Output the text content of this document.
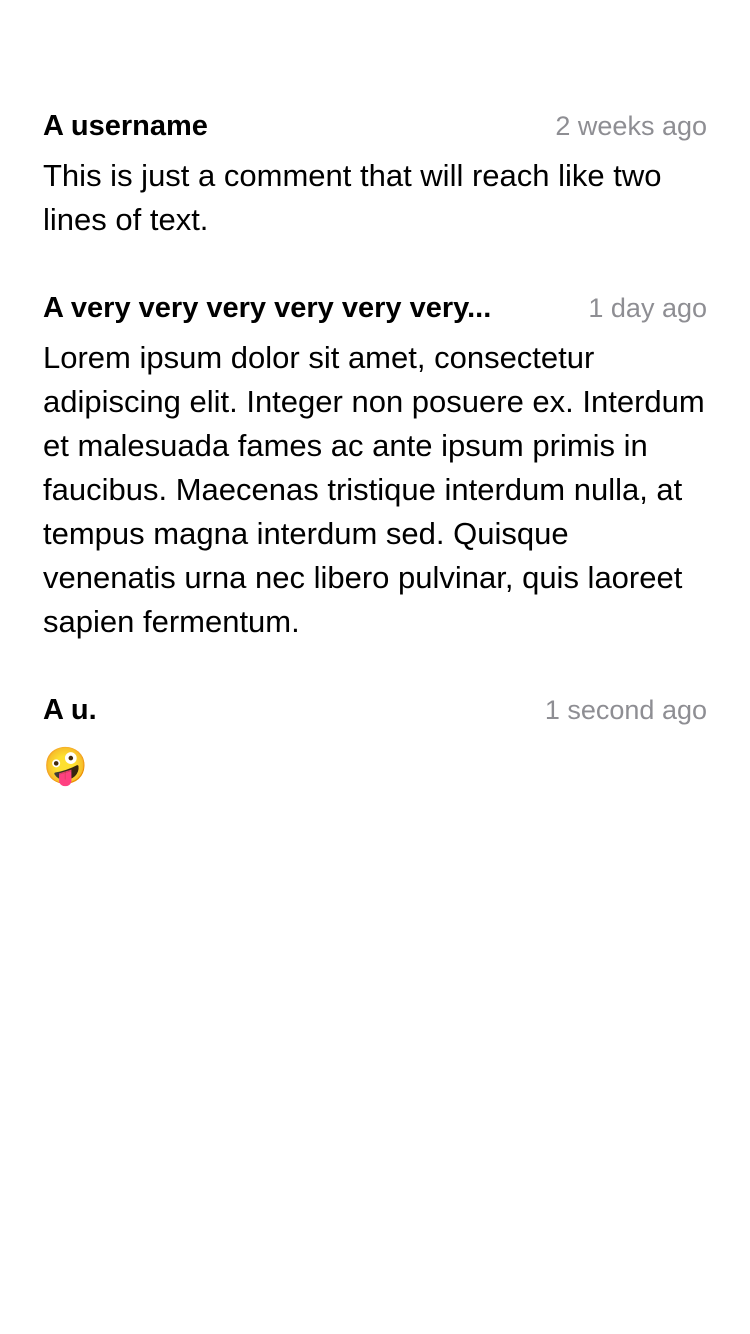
A username	2 weeks ago
This is just a comment that will reach like two lines of text.
A very very very very very very...	1 day ago
Lorem ipsum dolor sit amet, consectetur adipiscing elit. Integer non posuere ex. Interdum et malesuada fames ac ante ipsum primis in faucibus. Maecenas tristique interdum nulla, at tempus magna interdum sed. Quisque venenatis urna nec libero pulvinar, quis laoreet sapien fermentum.
A u.	1 second ago
🤪
